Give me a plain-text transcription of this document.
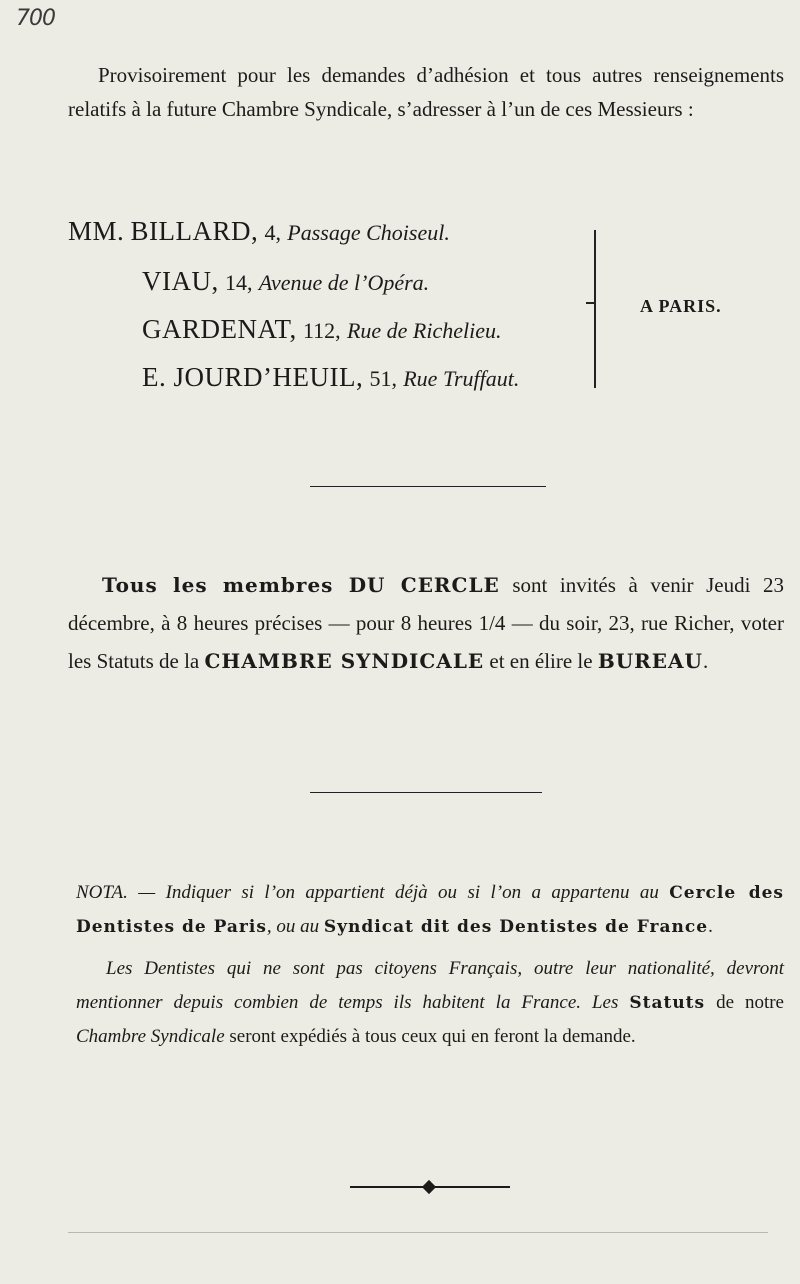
700

Provisoirement pour les demandes d’adhésion et tous autres renseignements relatifs à la future Chambre Syndicale, s’adresser à l’un de ces Messieurs :

MM. BILLARD, 4, Passage Choiseul.
VIAU, 14, Avenue de l’Opéra.
GARDENAT, 112, Rue de Richelieu.
E. JOURD’HEUIL, 51, Rue Truffaut.
A PARIS.

Tous les membres DU CERCLE sont invités à venir Jeudi 23 décembre, à 8 heures précises — pour 8 heures 1/4 — du soir, 23, rue Richer, voter les Statuts de la CHAMBRE SYNDICALE et en élire le BUREAU.

NOTA. — Indiquer si l’on appartient déjà ou si l’on a appartenu au Cercle des Dentistes de Paris, ou au Syndicat dit des Dentistes de France.

Les Dentistes qui ne sont pas citoyens Français, outre leur nationalité, devront mentionner depuis combien de temps ils habitent la France. Les Statuts de notre Chambre Syndicale seront expédiés à tous ceux qui en feront la demande.
